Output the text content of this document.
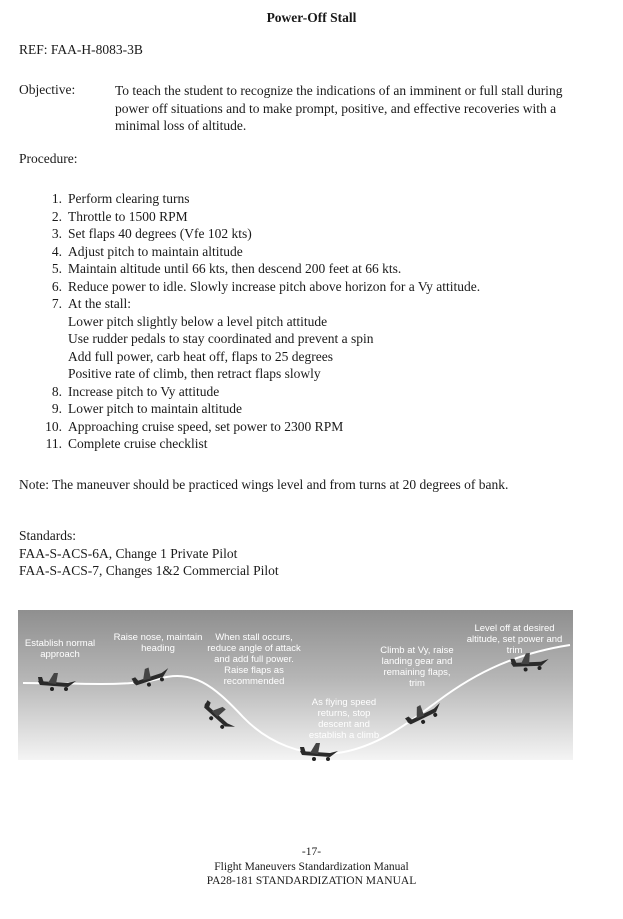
Power-Off Stall
REF: FAA-H-8083-3B
Objective:	To teach the student to recognize the indications of an imminent or full stall during power off situations and to make prompt, positive, and effective recoveries with a minimal loss of altitude.
Procedure:
1. Perform clearing turns
2. Throttle to 1500 RPM
3. Set flaps 40 degrees (Vfe 102 kts)
4. Adjust pitch to maintain altitude
5. Maintain altitude until 66 kts, then descend 200 feet at 66 kts.
6. Reduce power to idle. Slowly increase pitch above horizon for a Vy attitude.
7. At the stall:
Lower pitch slightly below a level pitch attitude
Use rudder pedals to stay coordinated and prevent a spin
Add full power, carb heat off, flaps to 25 degrees
Positive rate of climb, then retract flaps slowly
8. Increase pitch to Vy attitude
9. Lower pitch to maintain altitude
10. Approaching cruise speed, set power to 2300 RPM
11. Complete cruise checklist
Note: The maneuver should be practiced wings level and from turns at 20 degrees of bank.
Standards:
FAA-S-ACS-6A, Change 1 Private Pilot
FAA-S-ACS-7, Changes 1&2 Commercial Pilot
Establish normal approach
Raise nose, maintain heading
When stall occurs, reduce angle of attack and add full power. Raise flaps as recommended
As flying speed returns, stop descent and establish a climb
Climb at Vy, raise landing gear and remaining flaps, trim
Level off at desired altitude, set power and trim
-17-
Flight Maneuvers Standardization Manual
PA28-181 STANDARDIZATION MANUAL
